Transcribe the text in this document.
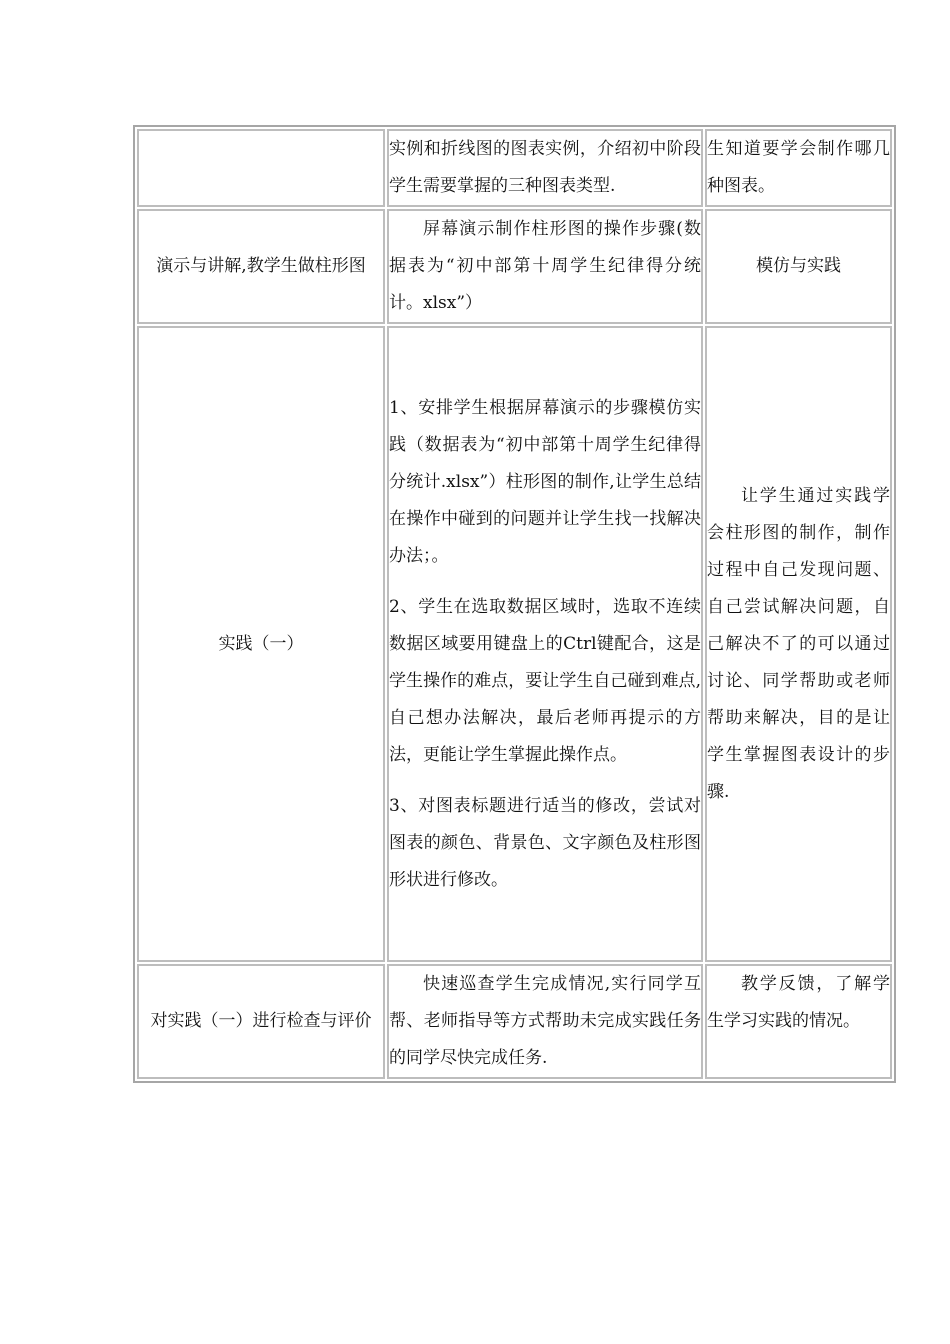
	实例和折线图的图表实例，介绍初中阶段学生需要掌握的三种图表类型.	生知道要学会制作哪几种图表。
演示与讲解,教学生做柱形图	屏幕演示制作柱形图的操作步骤(数据表为“初中部第十周学生纪律得分统计。xlsx”）	模仿与实践
实践（一）	1、安排学生根据屏幕演示的步骤模仿实践（数据表为“初中部第十周学生纪律得分统计.xlsx”）柱形图的制作,让学生总结在操作中碰到的问题并让学生找一找解决办法；。

2、学生在选取数据区域时，选取不连续数据区域要用键盘上的Ctrl键配合，这是学生操作的难点，要让学生自己碰到难点,自己想办法解决，最后老师再提示的方法，更能让学生掌握此操作点。

3、对图表标题进行适当的修改，尝试对图表的颜色、背景色、文字颜色及柱形图形状进行修改。	让学生通过实践学会柱形图的制作，制作过程中自己发现问题、自己尝试解决问题，自己解决不了的可以通过讨论、同学帮助或老师帮助来解决，目的是让学生掌握图表设计的步骤.
对实践（一）进行检查与评价	快速巡查学生完成情况,实行同学互帮、老师指导等方式帮助未完成实践任务的同学尽快完成任务.	教学反馈，了解学生学习实践的情况。
